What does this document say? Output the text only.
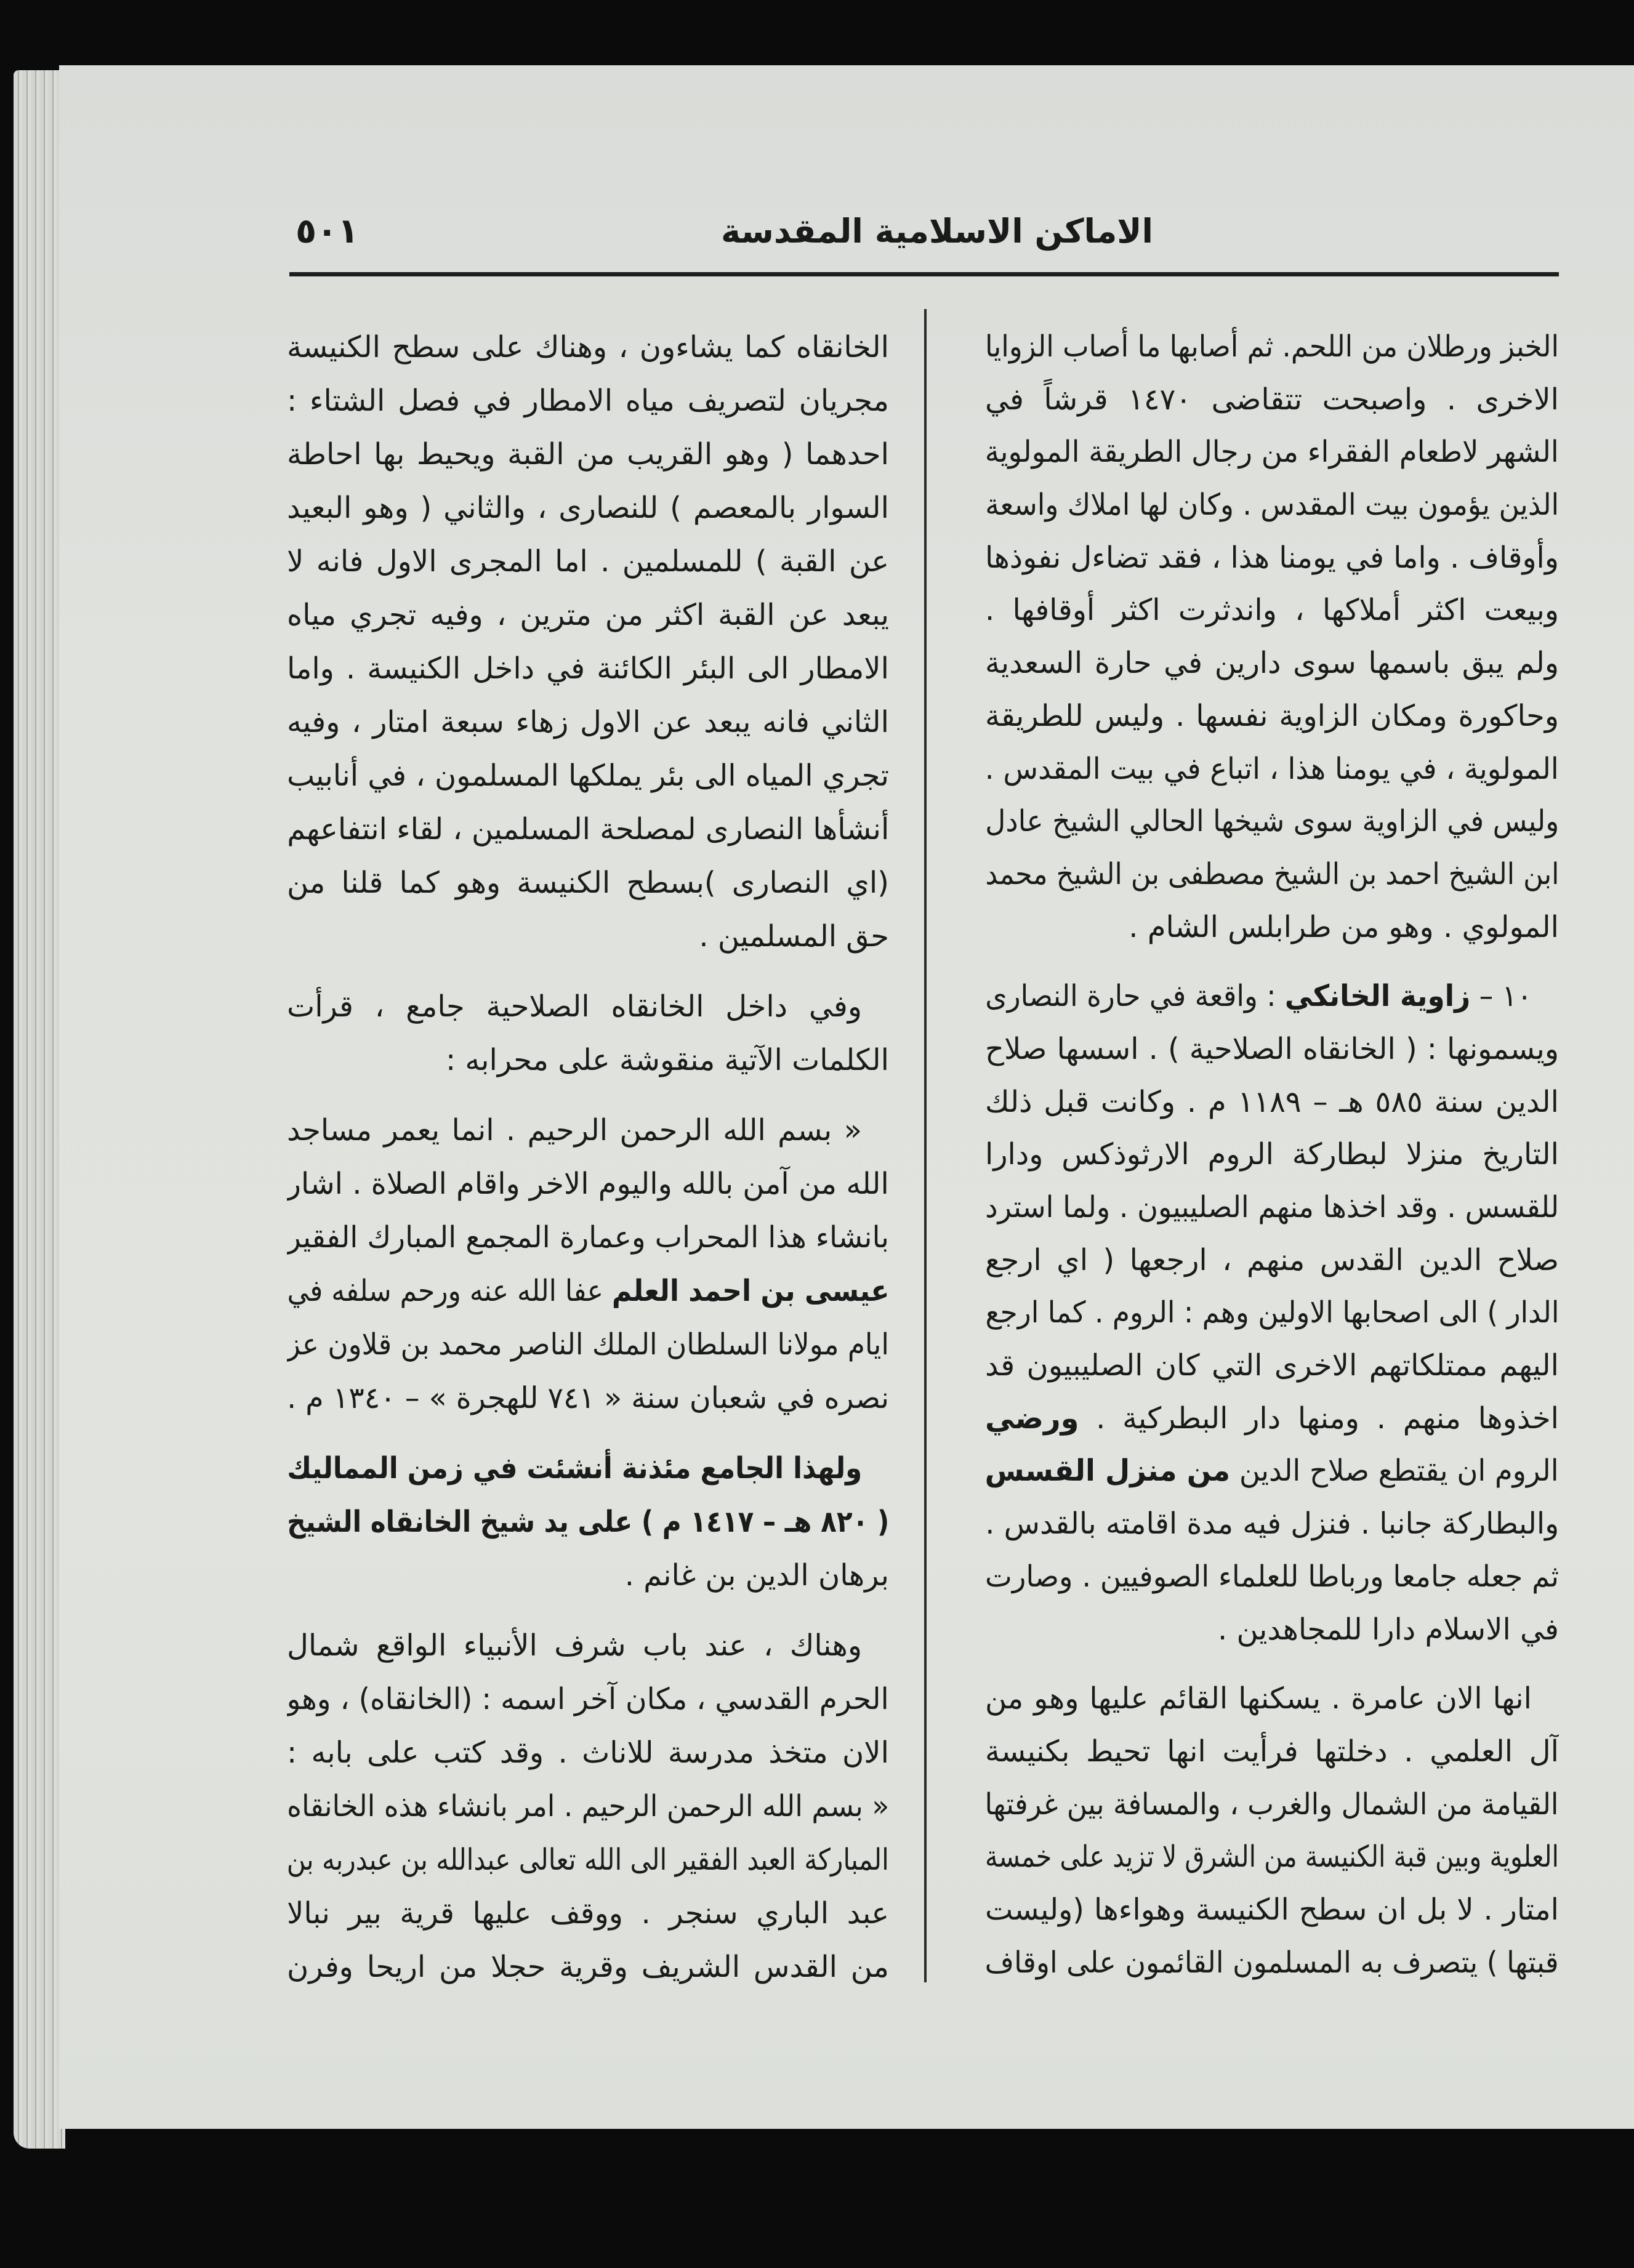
٥٠١	الاماكن الاسلامية المقدسة
الخبز ورطلان من اللحم. ثم أصابها ما أصاب الزوايا
الاخرى . واصبحت تتقاضى ١٤٧٠ قرشاً في
الشهر لاطعام الفقراء من رجال الطريقة المولوية
الذين يؤمون بيت المقدس . وكان لها املاك واسعة
وأوقاف . واما في يومنا هذا ، فقد تضاءل نفوذها
وبيعت اكثر أملاكها ، واندثرت اكثر أوقافها .
ولم يبق باسمها سوى دارين في حارة السعدية
وحاكورة ومكان الزاوية نفسها . وليس للطريقة
المولوية ، في يومنا هذا ، اتباع في بيت المقدس .
وليس في الزاوية سوى شيخها الحالي الشيخ عادل
ابن الشيخ احمد بن الشيخ مصطفى بن الشيخ محمد
المولوي . وهو من طرابلس الشام .
١٠ – زاوية الخانكي : واقعة في حارة النصارى
ويسمونها : ( الخانقاه الصلاحية ) . اسسها صلاح
الدين سنة ٥٨٥ هـ – ١١٨٩ م . وكانت قبل ذلك
التاريخ منزلا لبطاركة الروم الارثوذكس ودارا
للقسس . وقد اخذها منهم الصليبيون . ولما استرد
صلاح الدين القدس منهم ، ارجعها ( اي ارجع
الدار ) الى اصحابها الاولين وهم : الروم . كما ارجع
اليهم ممتلكاتهم الاخرى التي كان الصليبيون قد
اخذوها منهم . ومنها دار البطركية . ورضي
الروم ان يقتطع صلاح الدين من منزل القسس
والبطاركة جانبا . فنزل فيه مدة اقامته بالقدس .
ثم جعله جامعا ورباطا للعلماء الصوفيين . وصارت
في الاسلام دارا للمجاهدين .
انها الان عامرة . يسكنها القائم عليها وهو من
آل العلمي . دخلتها فرأيت انها تحيط بكنيسة
القيامة من الشمال والغرب ، والمسافة بين غرفتها
العلوية وبين قبة الكنيسة من الشرق لا تزيد على خمسة
امتار . لا بل ان سطح الكنيسة وهواءها (وليست
قبتها ) يتصرف به المسلمون القائمون على اوقاف
الخانقاه كما يشاءون ، وهناك على سطح الكنيسة
مجريان لتصريف مياه الامطار في فصل الشتاء :
احدهما ( وهو القريب من القبة ويحيط بها احاطة
السوار بالمعصم ) للنصارى ، والثاني ( وهو البعيد
عن القبة ) للمسلمين . اما المجرى الاول فانه لا
يبعد عن القبة اكثر من مترين ، وفيه تجري مياه
الامطار الى البئر الكائنة في داخل الكنيسة . واما
الثاني فانه يبعد عن الاول زهاء سبعة امتار ، وفيه
تجري المياه الى بئر يملكها المسلمون ، في أنابيب
أنشأها النصارى لمصلحة المسلمين ، لقاء انتفاعهم
(اي النصارى )بسطح الكنيسة وهو كما قلنا من
حق المسلمين .
وفي داخل الخانقاه الصلاحية جامع ، قرأت
الكلمات الآتية منقوشة على محرابه :
« بسم الله الرحمن الرحيم . انما يعمر مساجد
الله من آمن بالله واليوم الاخر واقام الصلاة . اشار
بانشاء هذا المحراب وعمارة المجمع المبارك الفقير
عيسى بن احمد العلم عفا الله عنه ورحم سلفه في
ايام مولانا السلطان الملك الناصر محمد بن قلاون عز
نصره في شعبان سنة « ٧٤١ للهجرة » – ١٣٤٠ م .
ولهذا الجامع مئذنة أنشئت في زمن المماليك
( ٨٢٠ هـ – ١٤١٧ م ) على يد شيخ الخانقاه الشيخ
برهان الدين بن غانم .
وهناك ، عند باب شرف الأنبياء الواقع شمال
الحرم القدسي ، مكان آخر اسمه : (الخانقاه) ، وهو
الان متخذ مدرسة للاناث . وقد كتب على بابه :
« بسم الله الرحمن الرحيم . امر بانشاء هذه الخانقاه
المباركة العبد الفقير الى الله تعالى عبدالله بن عبدربه بن
عبد الباري سنجر . ووقف عليها قرية بير نبالا
من القدس الشريف وقرية حجلا من اريحا وفرن
